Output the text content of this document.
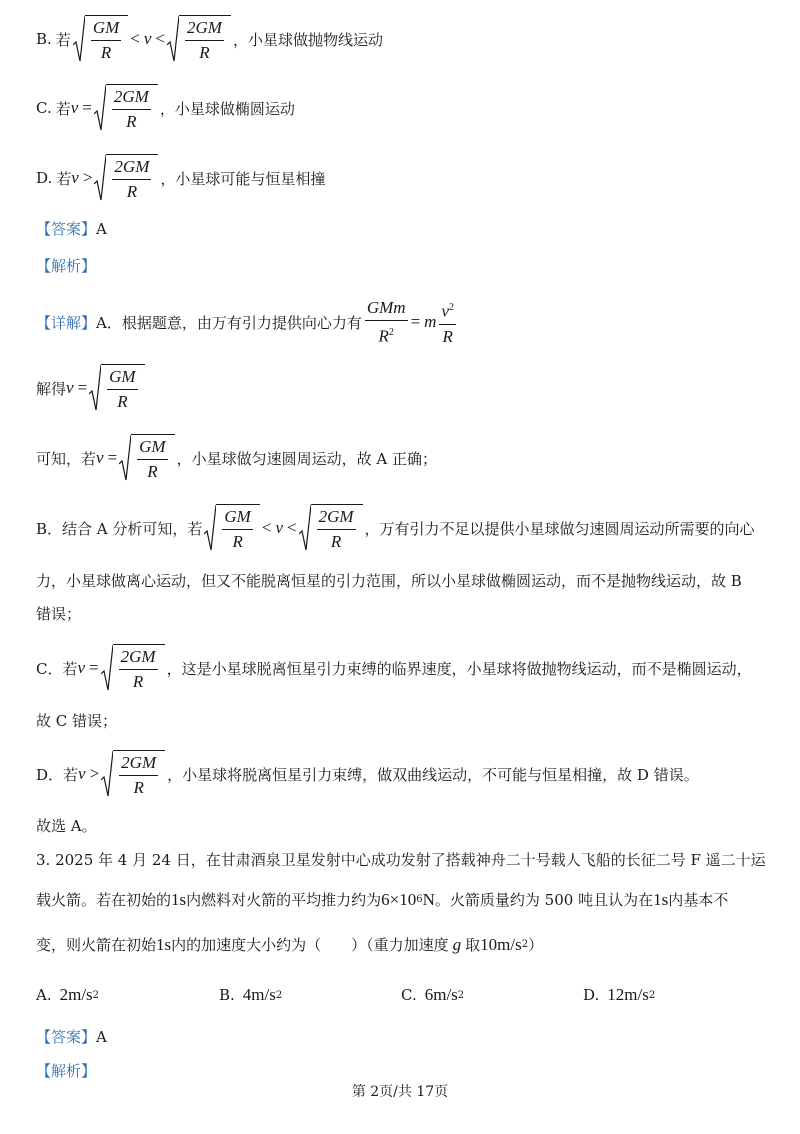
B. 若 $\frac{GM}{R} < v < \frac{2GM}{R}$ ，小星球做抛物线运动
C. 若 $v = \frac{2GM}{R}$ ，小星球做椭圆运动
D. 若 $v > \frac{2GM}{R}$ ，小星球可能与恒星相撞
【答案】 A
【解析】
【详解】 A．根据题意，由万有引力提供向心力有 $\frac{\text{GMm}}{R^2} = m \frac{v^2}{R}$
解得 $v = \frac{GM}{R}$
可知，若 $v = \frac{GM}{R}$ ，小星球做匀速圆周运动，故 A 正确；
B．结合 A 分析可知，若 $\frac{GM}{R} < v < \frac{2GM}{R}$ ，万有引力不足以提供小星球做匀速圆周运动所需要的向心
力，小星球做离心运动，但又不能脱离恒星的引力范围，所以小星球做椭圆运动，而不是抛物线运动，故 B
错误；
C．若 $v = \frac{2GM}{R}$ ，这是小星球脱离恒星引力束缚的临界速度，小星球将做抛物线运动，而不是椭圆运动，
故 C 错误；
D．若 $v > \frac{2GM}{R}$ ，小星球将脱离恒星引力束缚，做双曲线运动，不可能与恒星相撞，故 D 错误。
故选 A。
3. 2025 年 4 月 24 日，在甘肃酒泉卫星发射中心成功发射了搭载神舟二十号载人飞船的长征二号 F 遥二十运
载火箭。若在初始的 1s 内燃料对火箭的平均推力约为 6×10 6 N 。火箭质量约为 500 吨且认为在 1s 内基本不
变，则火箭在初始 1s 内的加速度大小约为（　　）（重力加速度 g 取 10m/s 2 ）
A. 2m/s 2	B. 4m/s 2	C. 6m/s 2	D. 12m/s 2
【答案】 A
【解析】
第 2页/共 17页
